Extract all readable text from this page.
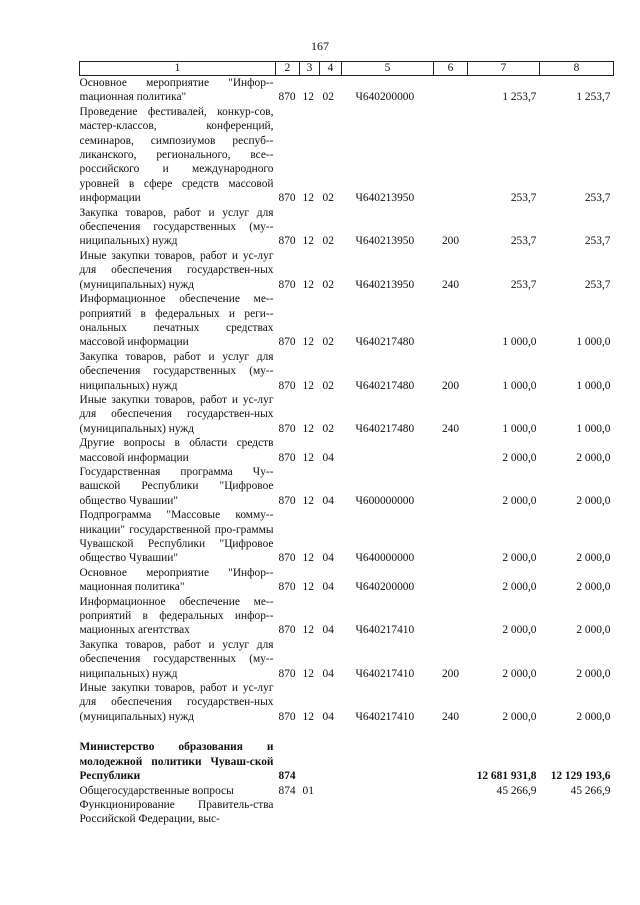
167
1	2	3	4	5	6	7	8
Основное мероприятие "Инфор-mационная политика"	870	12	02	Ч640200000		1 253,7	1 253,7
Проведение фестивалей, конкур-сов, мастер-классов, конференций, семинаров, симпозиумов респуб-ликанского, регионального, все-российского и международного уровней в сфере средств массовой информации	870	12	02	Ч640213950		253,7	253,7
Закупка товаров, работ и услуг для обеспечения государственных (му-ниципальных) нужд	870	12	02	Ч640213950	200	253,7	253,7
Иные закупки товаров, работ и ус-луг для обеспечения государствен-ных (муниципальных) нужд	870	12	02	Ч640213950	240	253,7	253,7
Информационное обеспечение ме-роприятий в федеральных и реги-ональных печатных средствах массовой информации	870	12	02	Ч640217480		1 000,0	1 000,0
Закупка товаров, работ и услуг для обеспечения государственных (му-ниципальных) нужд	870	12	02	Ч640217480	200	1 000,0	1 000,0
Иные закупки товаров, работ и ус-луг для обеспечения государствен-ных (муниципальных) нужд	870	12	02	Ч640217480	240	1 000,0	1 000,0
Другие вопросы в области средств массовой информации	870	12	04			2 000,0	2 000,0
Государственная программа Чу-вашской Республики "Цифровое общество Чувашии"	870	12	04	Ч600000000		2 000,0	2 000,0
Подпрограмма "Массовые комму-никации" государственной про-граммы Чувашской Республики "Цифровое общество Чувашии"	870	12	04	Ч640000000		2 000,0	2 000,0
Основное мероприятие "Инфор-мационная политика"	870	12	04	Ч640200000		2 000,0	2 000,0
Информационное обеспечение ме-роприятий в федеральных инфор-мационных агентствах	870	12	04	Ч640217410		2 000,0	2 000,0
Закупка товаров, работ и услуг для обеспечения государственных (му-ниципальных) нужд	870	12	04	Ч640217410	200	2 000,0	2 000,0
Иные закупки товаров, работ и ус-луг для обеспечения государствен-ных (муниципальных) нужд	870	12	04	Ч640217410	240	2 000,0	2 000,0

Министерство образования и молодежной политики Чуваш-ской Республики	874					12 681 931,8	12 129 193,6
Общегосударственные вопросы	874	01				45 266,9	45 266,9
Функционирование Правитель-ства Российской Федерации, выс-							
